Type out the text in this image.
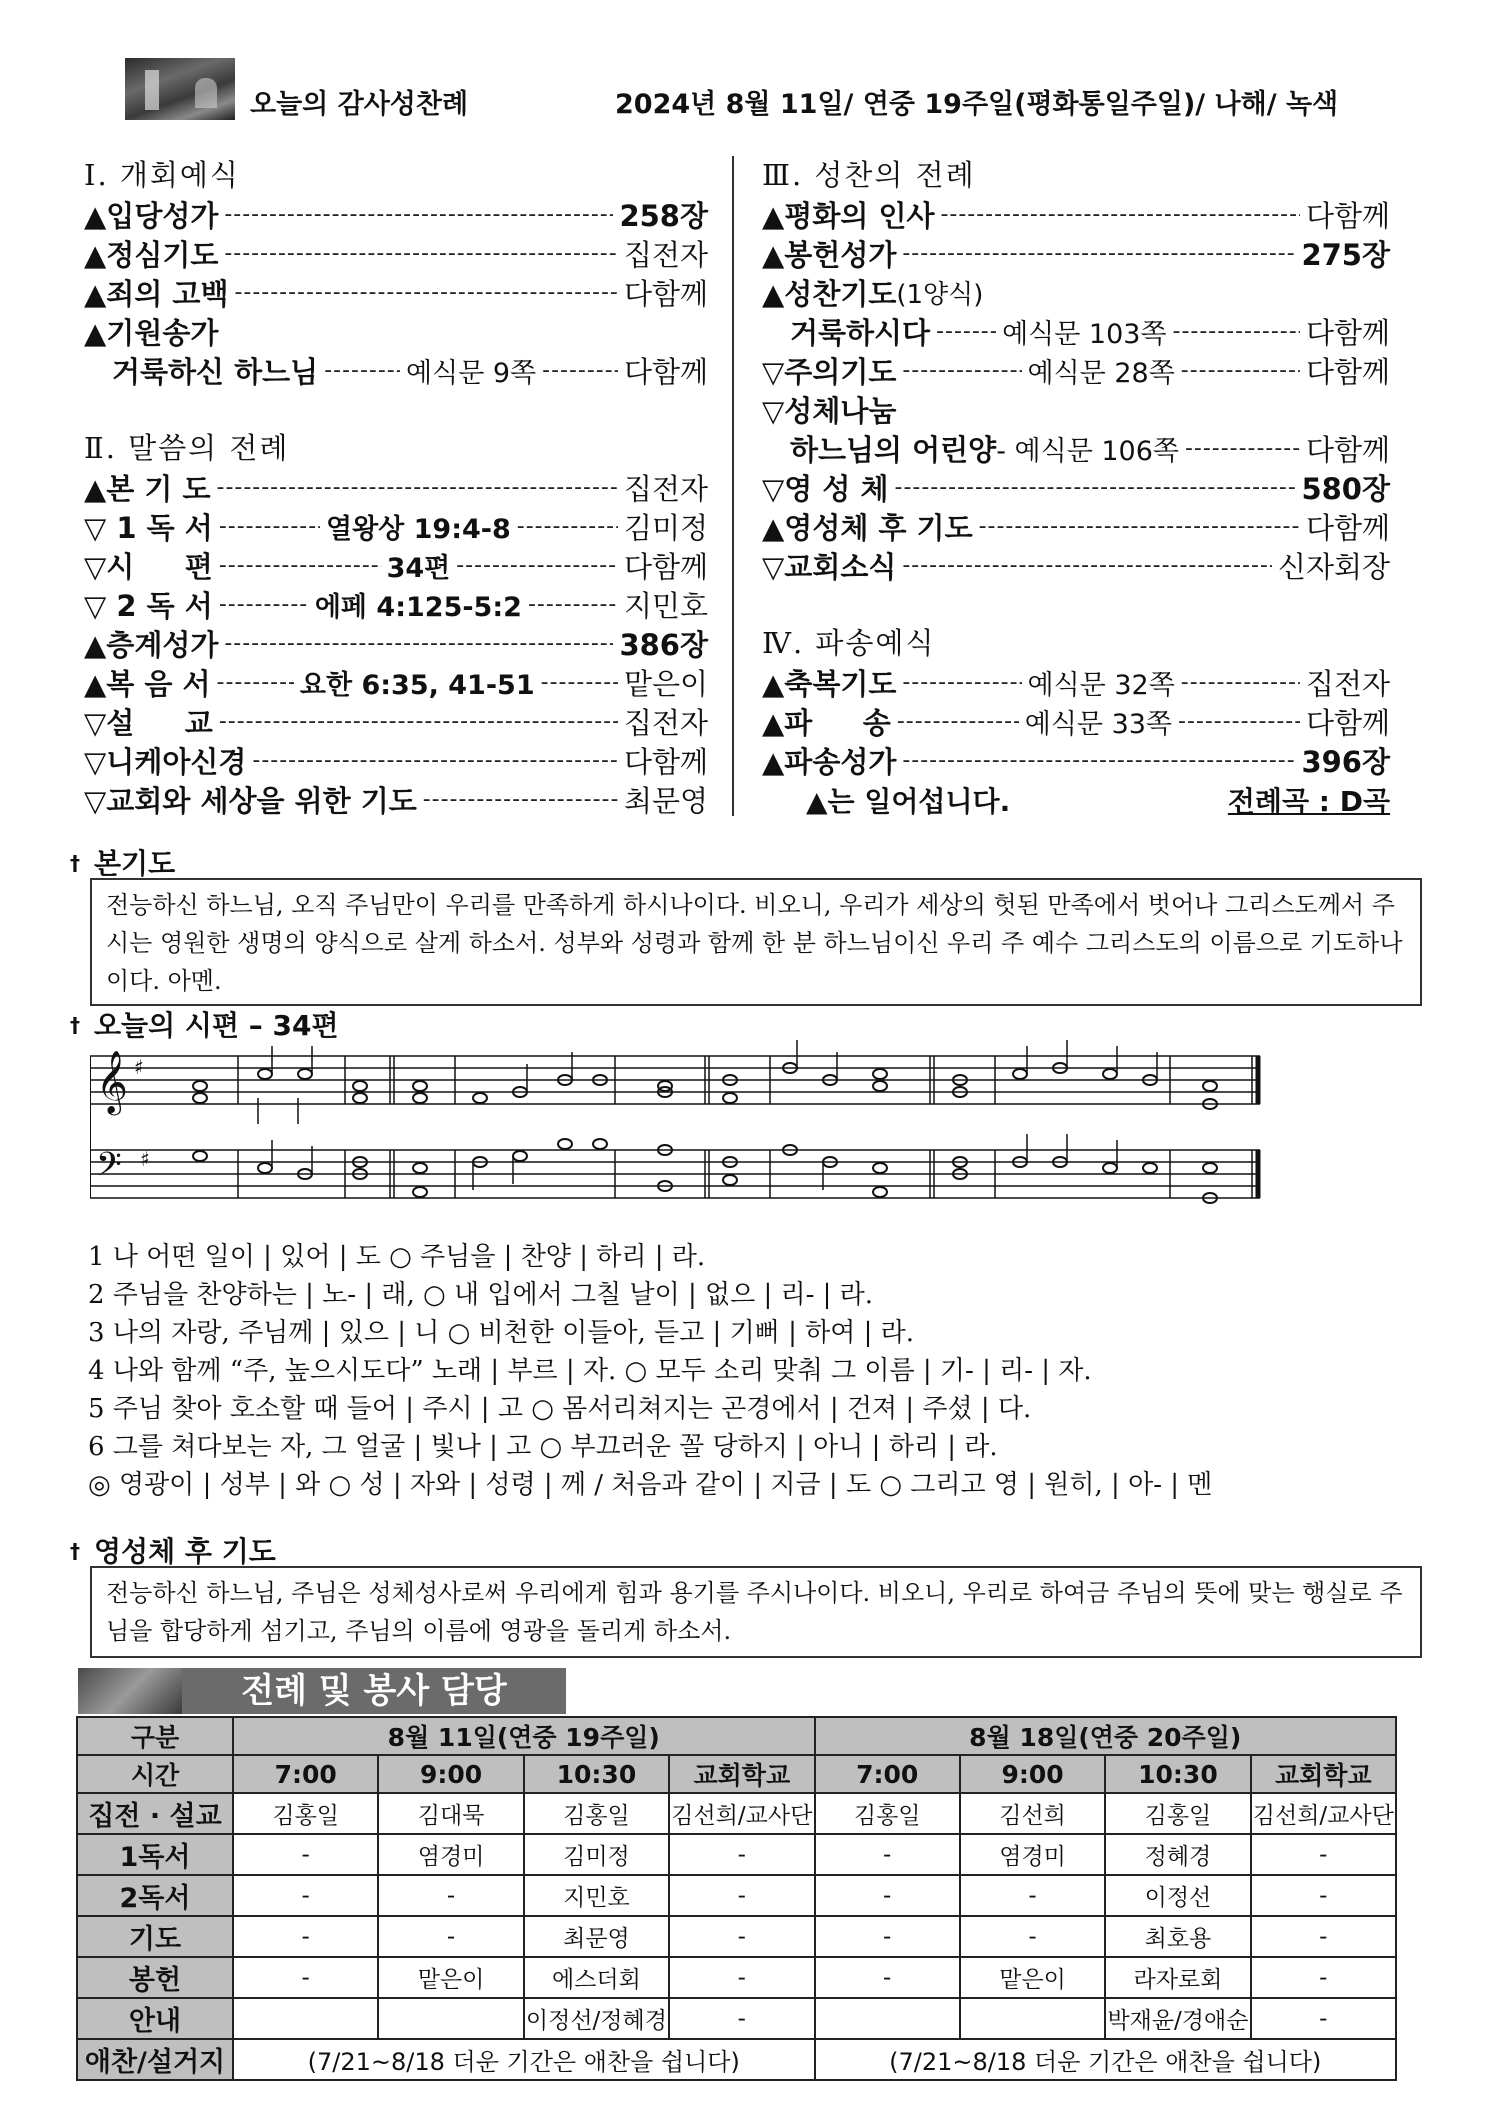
오늘의 감사성찬례	2024년 8월 11일/ 연중 19주일(평화통일주일)/ 나해/ 녹색
Ⅰ. 개회예식
▲입당성가 -----	258장
▲정심기도 -----	집전자
▲죄의 고백 -----	다함께
▲기원송가
거룩하신 하느님 -----	예식문 9쪽 -----	다함께
Ⅱ. 말씀의 전례
▲본 기 도 -----	집전자
▽ 1 독 서 -----	열왕상 19:4-8 -----	김미정
▽시     편 -----	34편 -----	다함께
▽ 2 독 서 -----	에페 4:125-5:2 -----	지민호
▲층계성가 -----	386장
▲복 음 서 -----	요한 6:35, 41-51 -----	맡은이
▽설     교 -----	집전자
▽니케아신경 -----	다함께
▽교회와 세상을 위한 기도 -----	최문영
Ⅲ. 성찬의 전례
▲평화의 인사 -----	다함께
▲봉헌성가 -----	275장
▲성찬기도 (1양식)
거룩하시다 -----	예식문 103쪽 -----	다함께
▽주의기도 -----	예식문 28쪽 -----	다함께
▽성체나눔
하느님의 어린양 - 예식문 106쪽 -----	다함께
▽영 성 체 -----	580장
▲영성체 후 기도 -----	다함께
▽교회소식 -----	신자회장
Ⅳ. 파송예식
▲축복기도 -----	예식문 32쪽 -----	집전자
▲파     송 -----	예식문 33쪽 -----	다함께
▲파송성가 -----	396장
▲는 일어섭니다.	전례곡 : D곡
† 본기도
전능하신 하느님, 오직 주님만이 우리를 만족하게 하시나이다. 비오니, 우리가 세상의 헛된 만족에서 벗어나 그리스도께서 주시는 영원한 생명의 양식으로 살게 하소서. 성부와 성령과 함께 한 분 하느님이신 우리 주 예수 그리스도의 이름으로 기도하나이다. 아멘.
† 오늘의 시편 – 34편
𝄞
𝄢
♯
♯
1 나 어떤 일이 | 있어 | 도 ○ 주님을 | 찬양 | 하리 | 라.
2 주님을 찬양하는 | 노- | 래, ○ 내 입에서 그칠 날이 | 없으 | 리- | 라.
3 나의 자랑, 주님께 | 있으 | 니 ○ 비천한 이들아, 듣고 | 기뻐 | 하여 | 라.
4 나와 함께 “주, 높으시도다” 노래 | 부르 | 자. ○ 모두 소리 맞춰 그 이름 | 기- | 리- | 자.
5 주님 찾아 호소할 때 들어 | 주시 | 고 ○ 몸서리쳐지는 곤경에서 | 건져 | 주셨 | 다.
6 그를 쳐다보는 자, 그 얼굴 | 빛나 | 고 ○ 부끄러운 꼴 당하지 | 아니 | 하리 | 라.
◎ 영광이 | 성부 | 와 ○ 성 | 자와 | 성령 | 께 / 처음과 같이 | 지금 | 도 ○ 그리고 영 | 원히, | 아- | 멘
† 영성체 후 기도
전능하신 하느님, 주님은 성체성사로써 우리에게 힘과 용기를 주시나이다. 비오니, 우리로 하여금 주님의 뜻에 맞는 행실로 주님을 합당하게 섬기고, 주님의 이름에 영광을 돌리게 하소서.
전례 및 봉사 담당
구분	8월 11일(연중 19주일)				8월 18일(연중 20주일)			
시간	7:00	9:00	10:30	교회학교	7:00	9:00	10:30	교회학교
집전 · 설교	김홍일	김대묵	김홍일	김선희/교사단	김홍일	김선희	김홍일	김선희/교사단
1독서	-	염경미	김미정	-	-	염경미	정혜경	-
2독서	-	-	지민호	-	-	-	이정선	-
기도	-	-	최문영	-	-	-	최호용	-
봉헌	-	맡은이	에스더회	-	-	맡은이	라자로회	-
안내			이정선/정혜경	-			박재윤/경애순	-
애찬/설거지	(7/21~8/18 더운 기간은 애찬을 쉽니다)				(7/21~8/18 더운 기간은 애찬을 쉽니다)			
